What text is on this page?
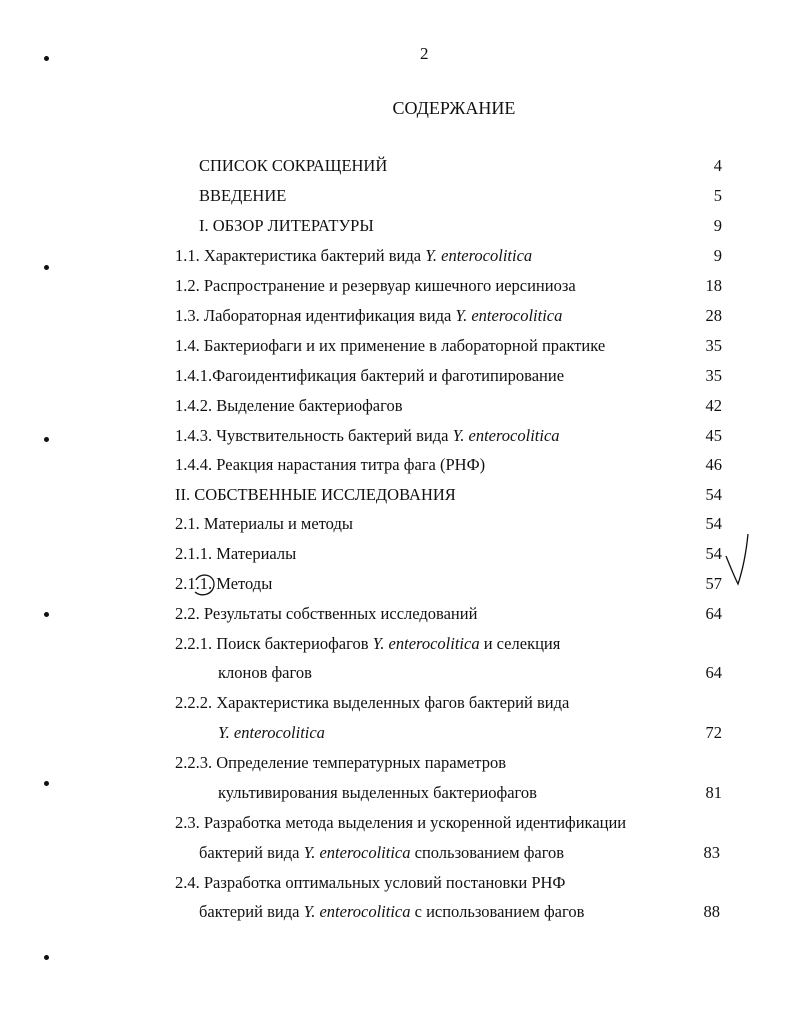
2
СОДЕРЖАНИЕ
СПИСОК СОКРАЩЕНИЙ	4
ВВЕДЕНИЕ	5
I. ОБЗОР ЛИТЕРАТУРЫ	9
1.1. Характеристика бактерий вида Y. enterocolitica	9
1.2. Распространение и резервуар кишечного иерсиниоза	18
1.3. Лабораторная идентификация вида Y. enterocolitica	28
1.4. Бактериофаги и их применение в лабораторной практике	35
1.4.1.Фагоидентификация бактерий и фаготипирование	35
1.4.2. Выделение бактериофагов	42
1.4.3. Чувствительность бактерий вида Y. enterocolitica	45
1.4.4. Реакция нарастания титра фага (РНФ)	46
II. СОБСТВЕННЫЕ ИССЛЕДОВАНИЯ	54
2.1. Материалы и методы	54
2.1.1. Материалы	54
2.1.1. Методы	57
2.2. Результаты собственных исследований	64
2.2.1. Поиск бактериофагов Y. enterocolitica и селекция
клонов фагов	64
2.2.2. Характеристика выделенных фагов бактерий вида
Y. enterocolitica	72
2.2.3. Определение температурных параметров
культивирования выделенных бактериофагов	81
2.3. Разработка метода выделения и ускоренной идентификации
бактерий вида Y. enterocolitica спользованием фагов	83
2.4. Разработка оптимальных условий постановки РНФ
бактерий вида Y. enterocolitica с использованием фагов	88
